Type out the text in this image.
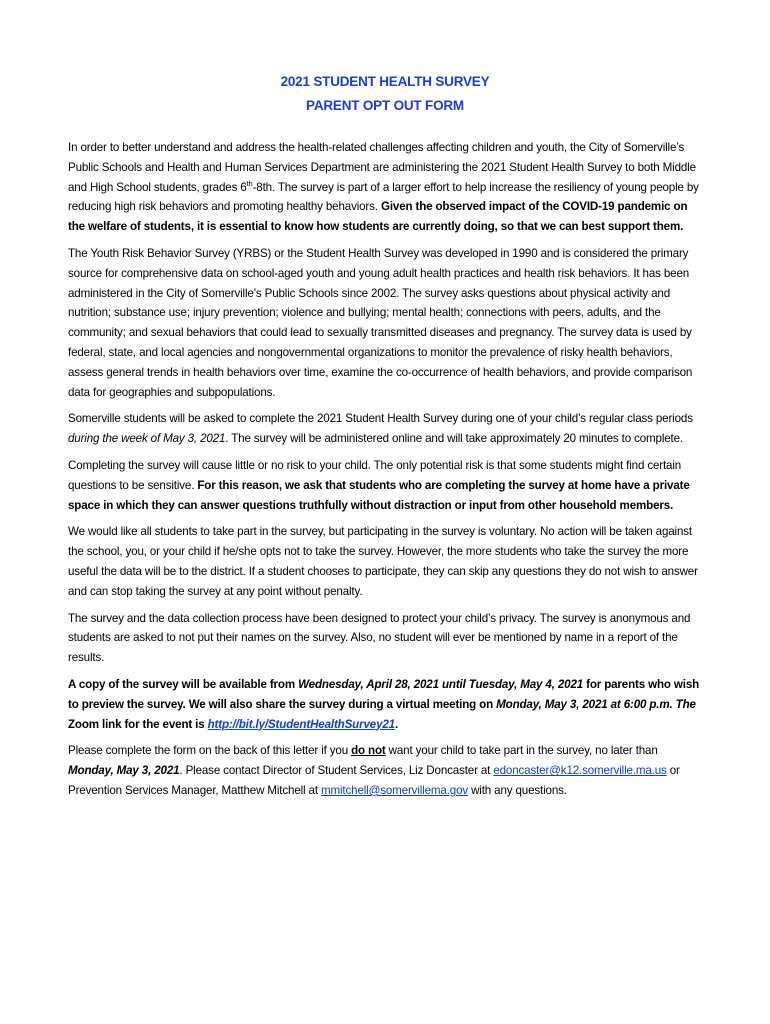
2021 STUDENT HEALTH SURVEY
PARENT OPT OUT FORM

In order to better understand and address the health-related challenges affecting children and youth, the City of Somerville’s Public Schools and Health and Human Services Department are administering the 2021 Student Health Survey to both Middle and High School students, grades 6th-8th. The survey is part of a larger effort to help increase the resiliency of young people by reducing high risk behaviors and promoting healthy behaviors. Given the observed impact of the COVID-19 pandemic on the welfare of students, it is essential to know how students are currently doing, so that we can best support them.

The Youth Risk Behavior Survey (YRBS) or the Student Health Survey was developed in 1990 and is considered the primary source for comprehensive data on school-aged youth and young adult health practices and health risk behaviors. It has been administered in the City of Somerville’s Public Schools since 2002. The survey asks questions about physical activity and nutrition; substance use; injury prevention; violence and bullying; mental health; connections with peers, adults, and the community; and sexual behaviors that could lead to sexually transmitted diseases and pregnancy. The survey data is used by federal, state, and local agencies and nongovernmental organizations to monitor the prevalence of risky health behaviors, assess general trends in health behaviors over time, examine the co-occurrence of health behaviors, and provide comparison data for geographies and subpopulations.

Somerville students will be asked to complete the 2021 Student Health Survey during one of your child’s regular class periods during the week of May 3, 2021. The survey will be administered online and will take approximately 20 minutes to complete.

Completing the survey will cause little or no risk to your child. The only potential risk is that some students might find certain questions to be sensitive. For this reason, we ask that students who are completing the survey at home have a private space in which they can answer questions truthfully without distraction or input from other household members.

We would like all students to take part in the survey, but participating in the survey is voluntary. No action will be taken against the school, you, or your child if he/she opts not to take the survey. However, the more students who take the survey the more useful the data will be to the district. If a student chooses to participate, they can skip any questions they do not wish to answer and can stop taking the survey at any point without penalty.

The survey and the data collection process have been designed to protect your child’s privacy. The survey is anonymous and students are asked to not put their names on the survey. Also, no student will ever be mentioned by name in a report of the results.

A copy of the survey will be available from Wednesday, April 28, 2021 until Tuesday, May 4, 2021 for parents who wish to preview the survey. We will also share the survey during a virtual meeting on Monday, May 3, 2021 at 6:00 p.m. The Zoom link for the event is http://bit.ly/StudentHealthSurvey21.

Please complete the form on the back of this letter if you do not want your child to take part in the survey, no later than Monday, May 3, 2021. Please contact Director of Student Services, Liz Doncaster at edoncaster@k12.somerville.ma.us or Prevention Services Manager, Matthew Mitchell at mmitchell@somervillema.gov with any questions.
